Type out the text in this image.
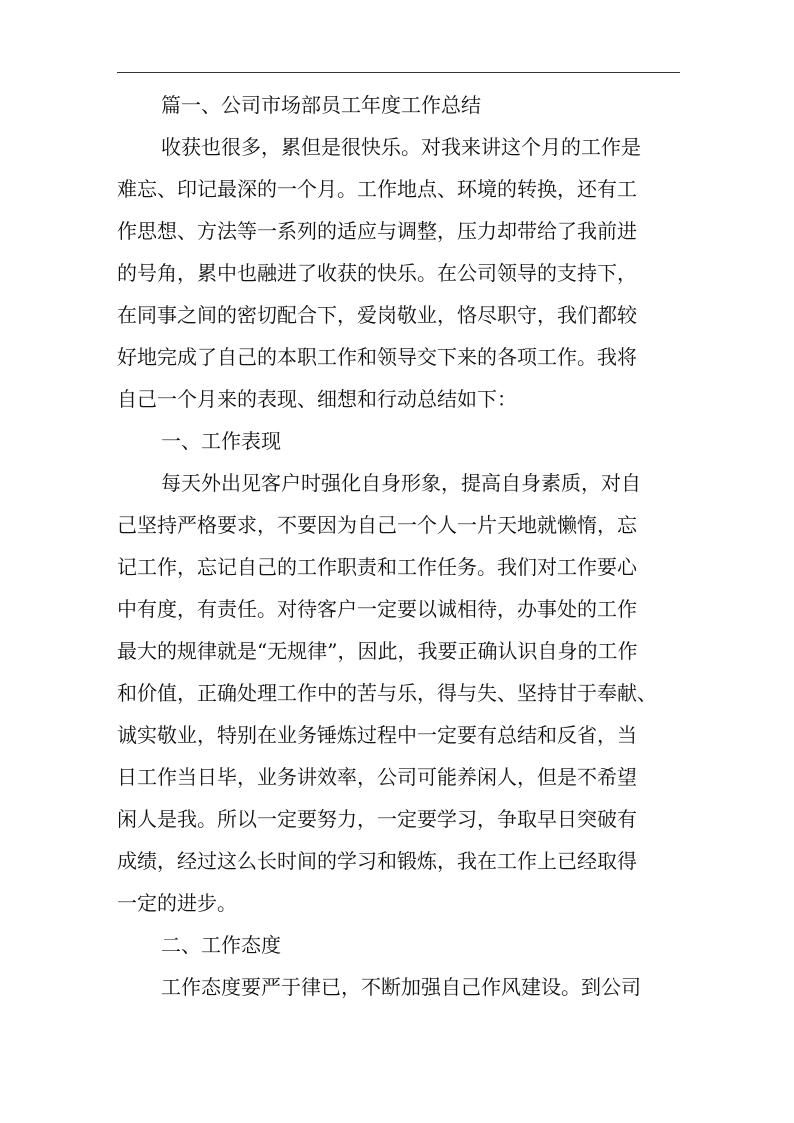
篇一、公司市场部员工年度工作总结
收获也很多，累但是很快乐。对我来讲这个月的工作是
难忘、印记最深的一个月。工作地点、环境的转换，还有工
作思想、方法等一系列的适应与调整，压力却带给了我前进
的号角，累中也融进了收获的快乐。在公司领导的支持下，
在同事之间的密切配合下，爱岗敬业，恪尽职守，我们都较
好地完成了自己的本职工作和领导交下来的各项工作。我将
自己一个月来的表现、细想和行动总结如下：
一、工作表现
每天外出见客户时强化自身形象，提高自身素质，对自
己坚持严格要求，不要因为自己一个人一片天地就懒惰，忘
记工作，忘记自己的工作职责和工作任务。我们对工作要心
中有度，有责任。对待客户一定要以诚相待，办事处的工作
最大的规律就是“无规律”，因此，我要正确认识自身的工作
和价值，正确处理工作中的苦与乐，得与失、坚持甘于奉献、
诚实敬业，特别在业务锤炼过程中一定要有总结和反省，当
日工作当日毕，业务讲效率，公司可能养闲人，但是不希望
闲人是我。所以一定要努力，一定要学习，争取早日突破有
成绩，经过这么长时间的学习和锻炼，我在工作上已经取得
一定的进步。
二、工作态度
工作态度要严于律已，不断加强自己作风建设。到公司
